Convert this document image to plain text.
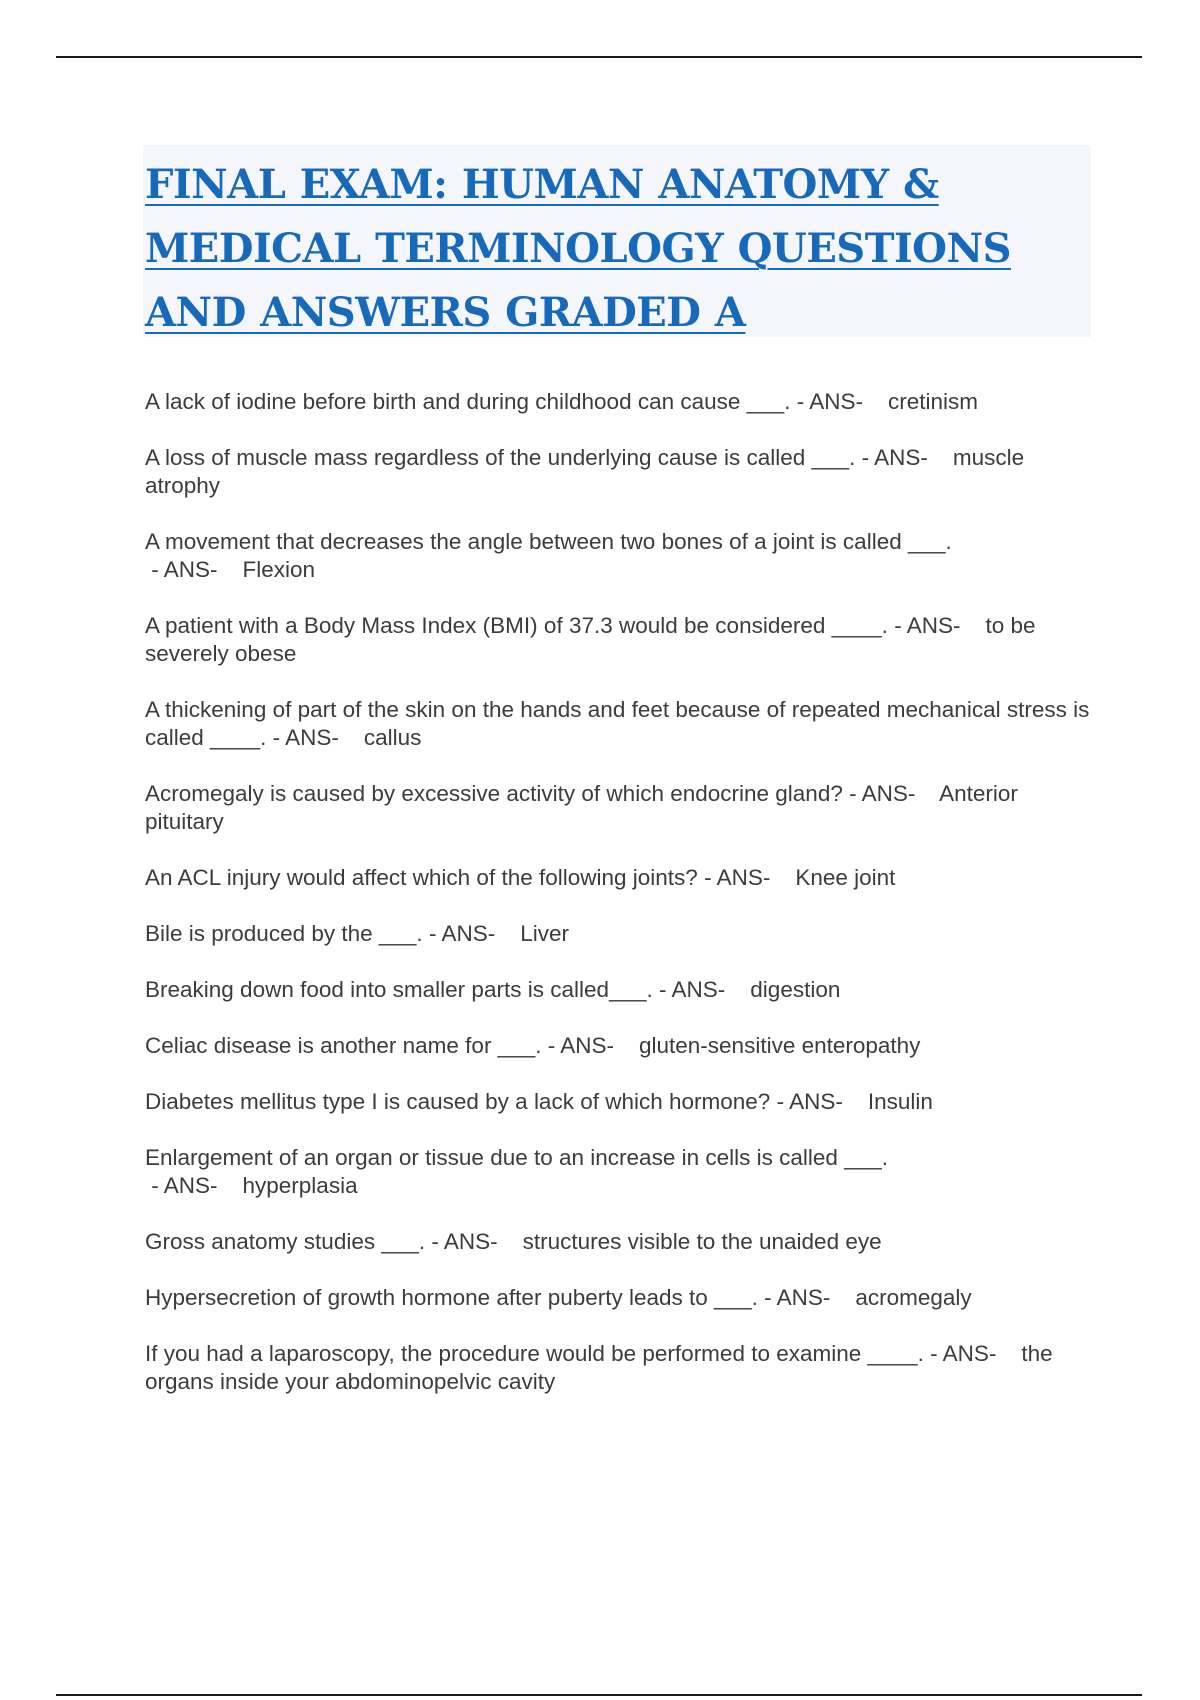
FINAL EXAM: HUMAN ANATOMY & MEDICAL TERMINOLOGY QUESTIONS AND ANSWERS GRADED A
A lack of iodine before birth and during childhood can cause ___. - ANS-    cretinism
A loss of muscle mass regardless of the underlying cause is called ___. - ANS-    muscle atrophy
A movement that decreases the angle between two bones of a joint is called ___. - ANS-    Flexion
A patient with a Body Mass Index (BMI) of 37.3 would be considered ____. - ANS-    to be severely obese
A thickening of part of the skin on the hands and feet because of repeated mechanical stress is called ____. - ANS-    callus
Acromegaly is caused by excessive activity of which endocrine gland? - ANS-    Anterior pituitary
An ACL injury would affect which of the following joints? - ANS-    Knee joint
Bile is produced by the ___. - ANS-    Liver
Breaking down food into smaller parts is called___. - ANS-    digestion
Celiac disease is another name for ___. - ANS-    gluten-sensitive enteropathy
Diabetes mellitus type I is caused by a lack of which hormone? - ANS-    Insulin
Enlargement of an organ or tissue due to an increase in cells is called ___. - ANS-    hyperplasia
Gross anatomy studies ___. - ANS-    structures visible to the unaided eye
Hypersecretion of growth hormone after puberty leads to ___. - ANS-    acromegaly
If you had a laparoscopy, the procedure would be performed to examine ____. - ANS-    the organs inside your abdominopelvic cavity
